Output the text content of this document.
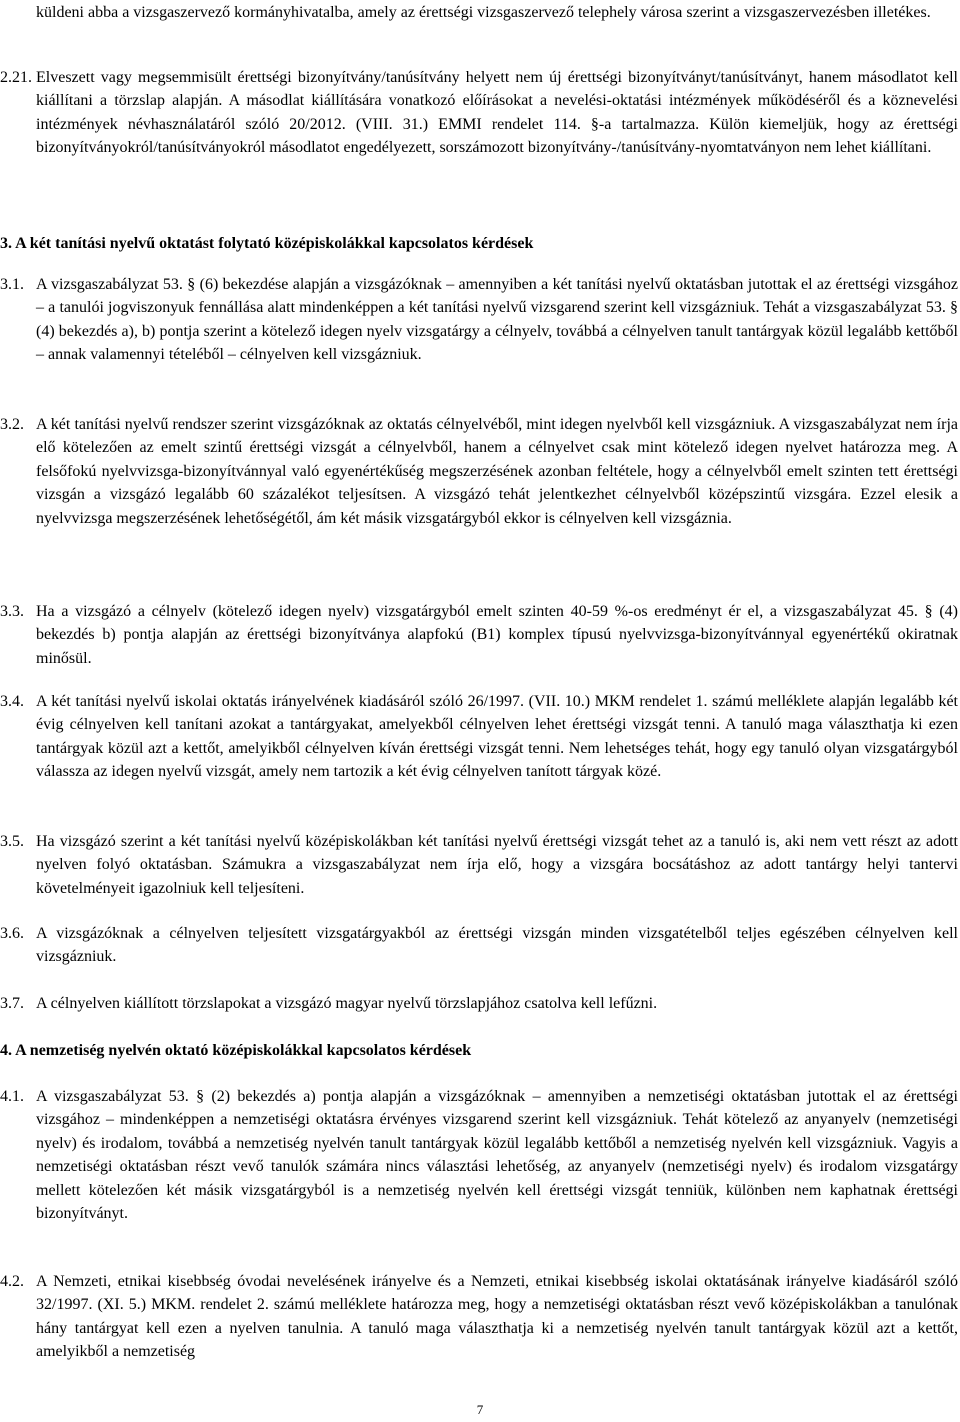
küldeni abba a vizsgaszervező kormányhivatalba, amely az érettségi vizsgaszervező telephely városa szerint a vizsgaszervezésben illetékes.
2.21. Elveszett vagy megsemmisült érettségi bizonyítvány/tanúsítvány helyett nem új érettségi bizonyítványt/tanúsítványt, hanem másodlatot kell kiállítani a törzslap alapján. A másodlat kiállítására vonatkozó előírásokat a nevelési-oktatási intézmények működéséről és a köznevelési intézmények névhasználatáról szóló 20/2012. (VIII. 31.) EMMI rendelet 114. §-a tartalmazza. Külön kiemeljük, hogy az érettségi bizonyítványokról/tanúsítványokról másodlatot engedélyezett, sorszámozott bizonyítvány-/tanúsítvány-nyomtatványon nem lehet kiállítani.
3. A két tanítási nyelvű oktatást folytató középiskolákkal kapcsolatos kérdések
3.1. A vizsgaszabályzat 53. § (6) bekezdése alapján a vizsgázóknak – amennyiben a két tanítási nyelvű oktatásban jutottak el az érettségi vizsgához – a tanulói jogviszonyuk fennállása alatt mindenképpen a két tanítási nyelvű vizsgarend szerint kell vizsgázniuk. Tehát a vizsgaszabályzat 53. § (4) bekezdés a), b) pontja szerint a kötelező idegen nyelv vizsgatárgy a célnyelv, továbbá a célnyelven tanult tantárgyak közül legalább kettőből – annak valamennyi tételéből – célnyelven kell vizsgázniuk.
3.2. A két tanítási nyelvű rendszer szerint vizsgázóknak az oktatás célnyelvéből, mint idegen nyelvből kell vizsgázniuk. A vizsgaszabályzat nem írja elő kötelezően az emelt szintű érettségi vizsgát a célnyelvből, hanem a célnyelvet csak mint kötelező idegen nyelvet határozza meg. A felsőfokú nyelvvizsga-bizonyítvánnyal való egyenértékűség megszerzésének azonban feltétele, hogy a célnyelvből emelt szinten tett érettségi vizsgán a vizsgázó legalább 60 százalékot teljesítsen. A vizsgázó tehát jelentkezhet célnyelvből középszintű vizsgára. Ezzel elesik a nyelvvizsga megszerzésének lehetőségétől, ám két másik vizsgatárgyból ekkor is célnyelven kell vizsgáznia.
3.3. Ha a vizsgázó a célnyelv (kötelező idegen nyelv) vizsgatárgyból emelt szinten 40-59 %-os eredményt ér el, a vizsgaszabályzat 45. § (4) bekezdés b) pontja alapján az érettségi bizonyítványa alapfokú (B1) komplex típusú nyelvvizsga-bizonyítvánnyal egyenértékű okiratnak minősül.
3.4. A két tanítási nyelvű iskolai oktatás irányelvének kiadásáról szóló 26/1997. (VII. 10.) MKM rendelet 1. számú melléklete alapján legalább két évig célnyelven kell tanítani azokat a tantárgyakat, amelyekből célnyelven lehet érettségi vizsgát tenni. A tanuló maga választhatja ki ezen tantárgyak közül azt a kettőt, amelyikből célnyelven kíván érettségi vizsgát tenni. Nem lehetséges tehát, hogy egy tanuló olyan vizsgatárgyból válassza az idegen nyelvű vizsgát, amely nem tartozik a két évig célnyelven tanított tárgyak közé.
3.5. Ha vizsgázó szerint a két tanítási nyelvű középiskolákban két tanítási nyelvű érettségi vizsgát tehet az a tanuló is, aki nem vett részt az adott nyelven folyó oktatásban. Számukra a vizsgaszabályzat nem írja elő, hogy a vizsgára bocsátáshoz az adott tantárgy helyi tantervi követelményeit igazolniuk kell teljesíteni.
3.6. A vizsgázóknak a célnyelven teljesített vizsgatárgyakból az érettségi vizsgán minden vizsgatételből teljes egészében célnyelven kell vizsgázniuk.
3.7. A célnyelven kiállított törzslapokat a vizsgázó magyar nyelvű törzslapjához csatolva kell lefűzni.
4. A nemzetiség nyelvén oktató középiskolákkal kapcsolatos kérdések
4.1. A vizsgaszabályzat 53. § (2) bekezdés a) pontja alapján a vizsgázóknak – amennyiben a nemzetiségi oktatásban jutottak el az érettségi vizsgához – mindenképpen a nemzetiségi oktatásra érvényes vizsgarend szerint kell vizsgázniuk. Tehát kötelező az anyanyelv (nemzetiségi nyelv) és irodalom, továbbá a nemzetiség nyelvén tanult tantárgyak közül legalább kettőből a nemzetiség nyelvén kell vizsgázniuk. Vagyis a nemzetiségi oktatásban részt vevő tanulók számára nincs választási lehetőség, az anyanyelv (nemzetiségi nyelv) és irodalom vizsgatárgy mellett kötelezően két másik vizsgatárgyból is a nemzetiség nyelvén kell érettségi vizsgát tenniük, különben nem kaphatnak érettségi bizonyítványt.
4.2. A Nemzeti, etnikai kisebbség óvodai nevelésének irányelve és a Nemzeti, etnikai kisebbség iskolai oktatásának irányelve kiadásáról szóló 32/1997. (XI. 5.) MKM. rendelet 2. számú melléklete határozza meg, hogy a nemzetiségi oktatásban részt vevő középiskolákban a tanulónak hány tantárgyat kell ezen a nyelven tanulnia. A tanuló maga választhatja ki a nemzetiség nyelvén tanult tantárgyak közül azt a kettőt, amelyikből a nemzetiség
7
